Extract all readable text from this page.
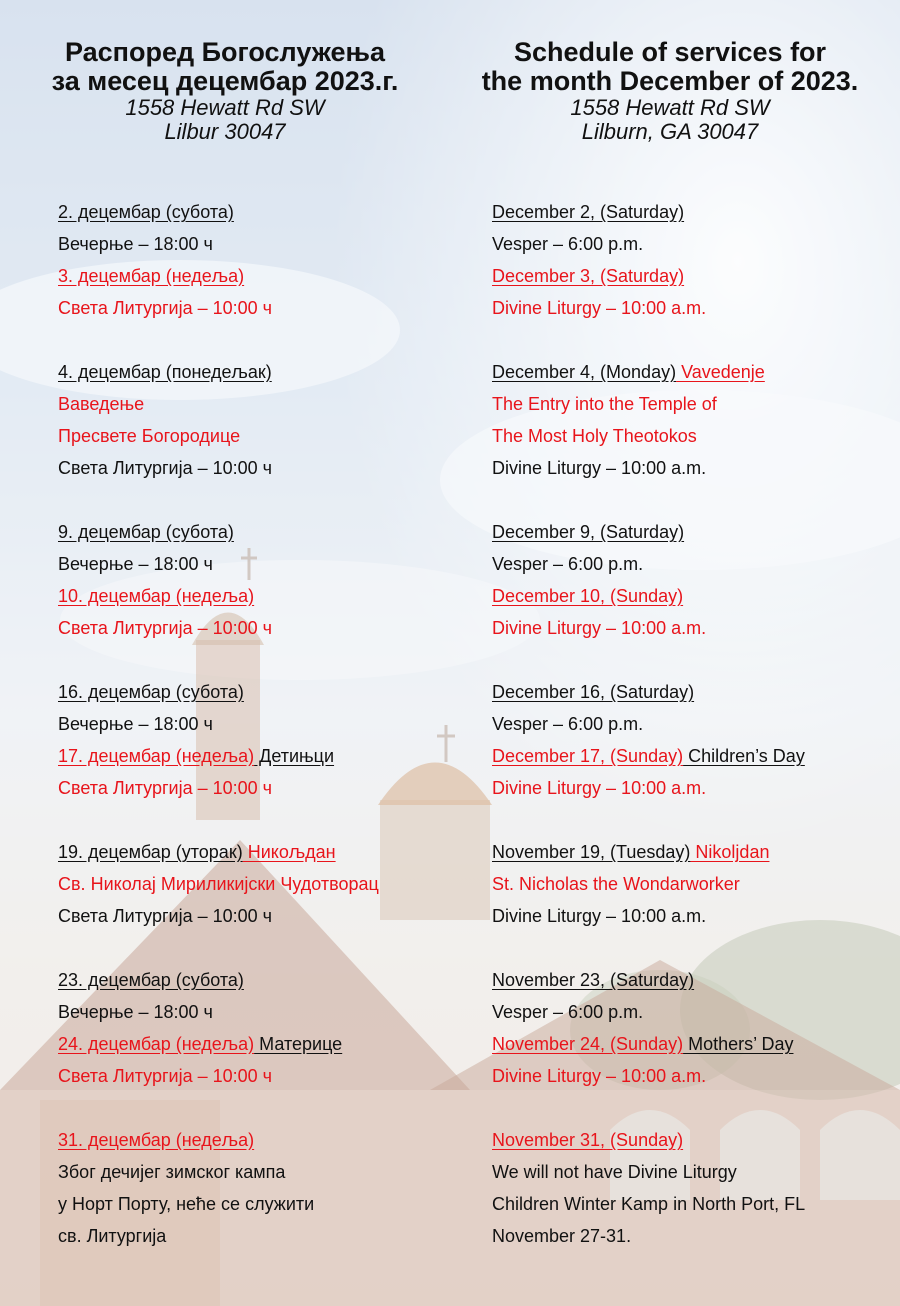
Распоред Богослужења
за месец децембар 2023.г.
1558 Hewatt Rd SW
Lilbur 30047
Schedule of services for
the month December of 2023.
1558 Hewatt Rd SW
Lilburn, GA 30047
2. децембар (субота)
Вечерње – 18:00 ч
3. децембар (недеља)
Света Литургија – 10:00 ч
4. децембар (понедељак)
Ваведење
Пресвете Богородице
Света Литургија – 10:00 ч
9. децембар (субота)
Вечерње – 18:00 ч
10. децембар (недеља)
Света Литургија – 10:00 ч
16. децембар (субота)
Вечерње – 18:00 ч
17. децембар (недеља) Детињци
Света Литургија – 10:00 ч
19. децембар (уторак) Никољдан
Св. Николај Мириликијски Чудотворац
Света Литургија – 10:00 ч
23. децембар (субота)
Вечерње – 18:00 ч
24. децембар (недеља) Материце
Света Литургија – 10:00 ч
31. децембар (недеља)
Због дечијег зимског кампа
у Норт Порту, неће се служити
св. Литургија
December 2, (Saturday)
Vesper – 6:00 p.m.
December 3, (Saturday)
Divine Liturgy – 10:00 a.m.
December 4, (Monday) Vavedenje
The Entry into the Temple of
The Most Holy Theotokos
Divine Liturgy – 10:00 a.m.
December 9, (Saturday)
Vesper – 6:00 p.m.
December 10, (Sunday)
Divine Liturgy – 10:00 a.m.
December 16, (Saturday)
Vesper – 6:00 p.m.
December 17, (Sunday) Children’s Day
Divine Liturgy – 10:00 a.m.
November 19, (Tuesday) Nikoljdan
St. Nicholas the Wondarworker
Divine Liturgy – 10:00 a.m.
November 23, (Saturday)
Vesper – 6:00 p.m.
November 24, (Sunday) Mothers’ Day
Divine Liturgy – 10:00 a.m.
November 31, (Sunday)
We will not have Divine Liturgy
Children Winter Kamp in North Port, FL
November 27-31.
